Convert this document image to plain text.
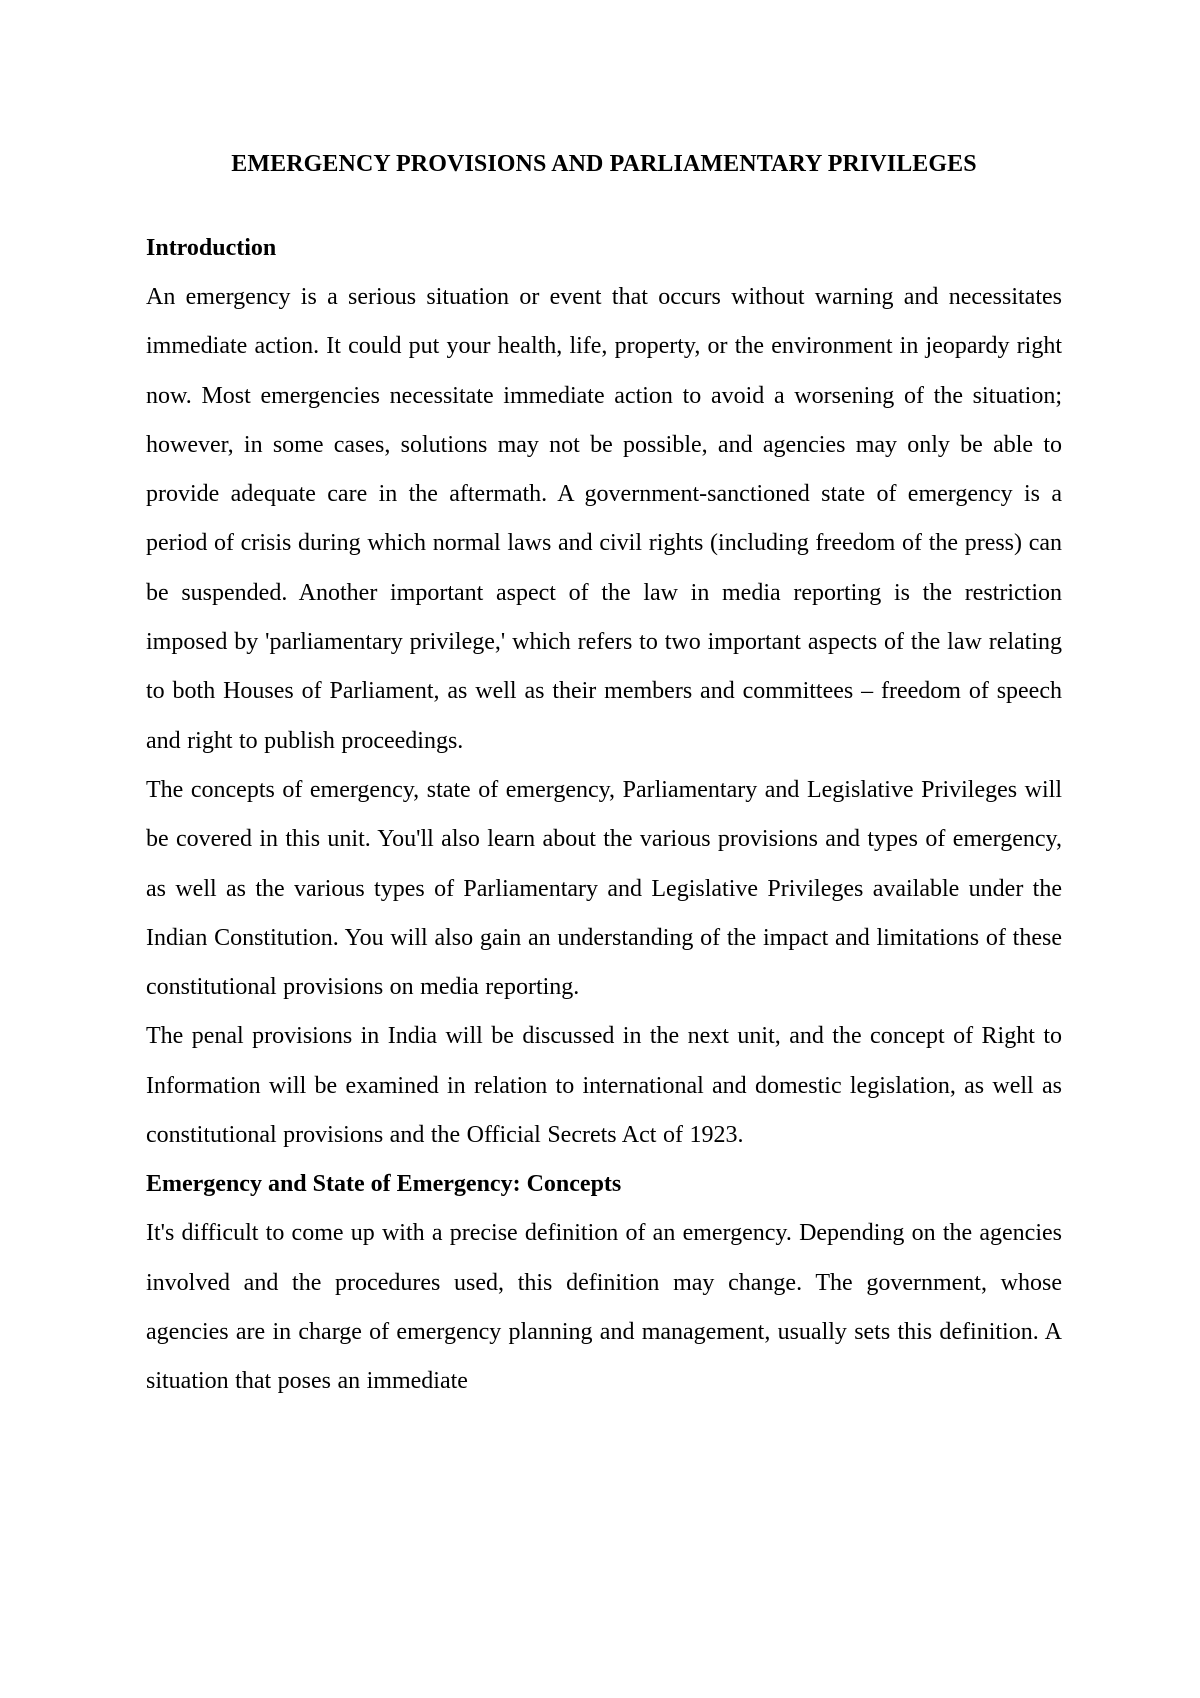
EMERGENCY PROVISIONS AND PARLIAMENTARY PRIVILEGES
Introduction

An emergency is a serious situation or event that occurs without warning and necessitates immediate action. It could put your health, life, property, or the environment in jeopardy right now. Most emergencies necessitate immediate action to avoid a worsening of the situation; however, in some cases, solutions may not be possible, and agencies may only be able to provide adequate care in the aftermath. A government-sanctioned state of emergency is a period of crisis during which normal laws and civil rights (including freedom of the press) can be suspended. Another important aspect of the law in media reporting is the restriction imposed by 'parliamentary privilege,' which refers to two important aspects of the law relating to both Houses of Parliament, as well as their members and committees – freedom of speech and right to publish proceedings.

The concepts of emergency, state of emergency, Parliamentary and Legislative Privileges will be covered in this unit. You'll also learn about the various provisions and types of emergency, as well as the various types of Parliamentary and Legislative Privileges available under the Indian Constitution. You will also gain an understanding of the impact and limitations of these constitutional provisions on media reporting.

The penal provisions in India will be discussed in the next unit, and the concept of Right to Information will be examined in relation to international and domestic legislation, as well as constitutional provisions and the Official Secrets Act of 1923.

Emergency and State of Emergency: Concepts

It's difficult to come up with a precise definition of an emergency. Depending on the agencies involved and the procedures used, this definition may change. The government, whose agencies are in charge of emergency planning and management, usually sets this definition. A situation that poses an immediate
